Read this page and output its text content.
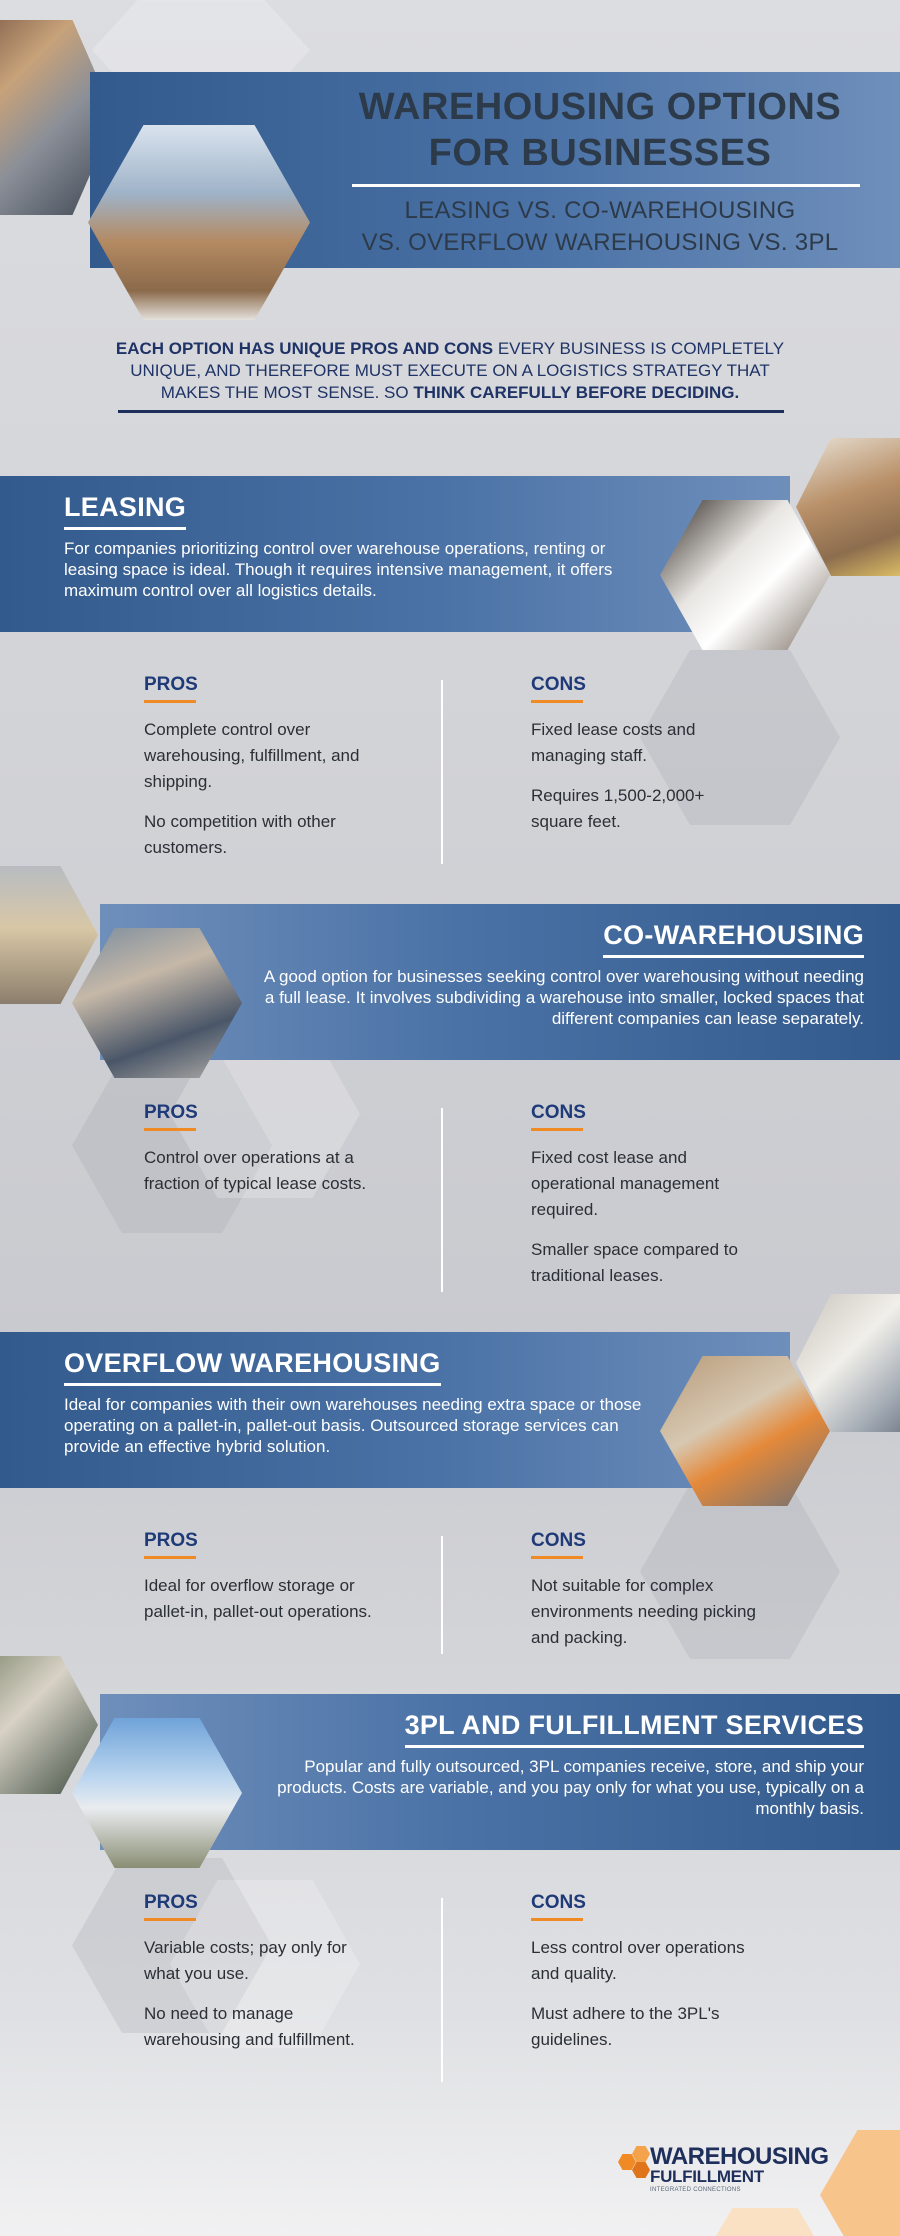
WAREHOUSING OPTIONS
FOR BUSINESSES
LEASING VS. CO-WAREHOUSING
VS. OVERFLOW WAREHOUSING VS. 3PL
EACH OPTION HAS UNIQUE PROS AND CONS EVERY BUSINESS IS COMPLETELY UNIQUE, AND THEREFORE MUST EXECUTE ON A LOGISTICS STRATEGY THAT MAKES THE MOST SENSE. SO THINK CAREFULLY BEFORE DECIDING.
LEASING
For companies prioritizing control over warehouse operations, renting or leasing space is ideal. Though it requires intensive management, it offers maximum control over all logistics details.
PROS
Complete control over warehousing, fulfillment, and shipping.
No competition with other customers.
CONS
Fixed lease costs and managing staff.
Requires 1,500-2,000+ square feet.
CO-WAREHOUSING
A good option for businesses seeking control over warehousing without needing a full lease. It involves subdividing a warehouse into smaller, locked spaces that different companies can lease separately.
PROS
Control over operations at a fraction of typical lease costs.
CONS
Fixed cost lease and operational management required.
Smaller space compared to traditional leases.
OVERFLOW WAREHOUSING
Ideal for companies with their own warehouses needing extra space or those operating on a pallet-in, pallet-out basis. Outsourced storage services can provide an effective hybrid solution.
PROS
Ideal for overflow storage or pallet-in, pallet-out operations.
CONS
Not suitable for complex environments needing picking and packing.
3PL AND FULFILLMENT SERVICES
Popular and fully outsourced, 3PL companies receive, store, and ship your products. Costs are variable, and you pay only for what you use, typically on a monthly basis.
PROS
Variable costs; pay only for what you use.
No need to manage warehousing and fulfillment.
CONS
Less control over operations and quality.
Must adhere to the 3PL's guidelines.
WAREHOUSING
FULFILLMENT
INTEGRATED CONNECTIONS
